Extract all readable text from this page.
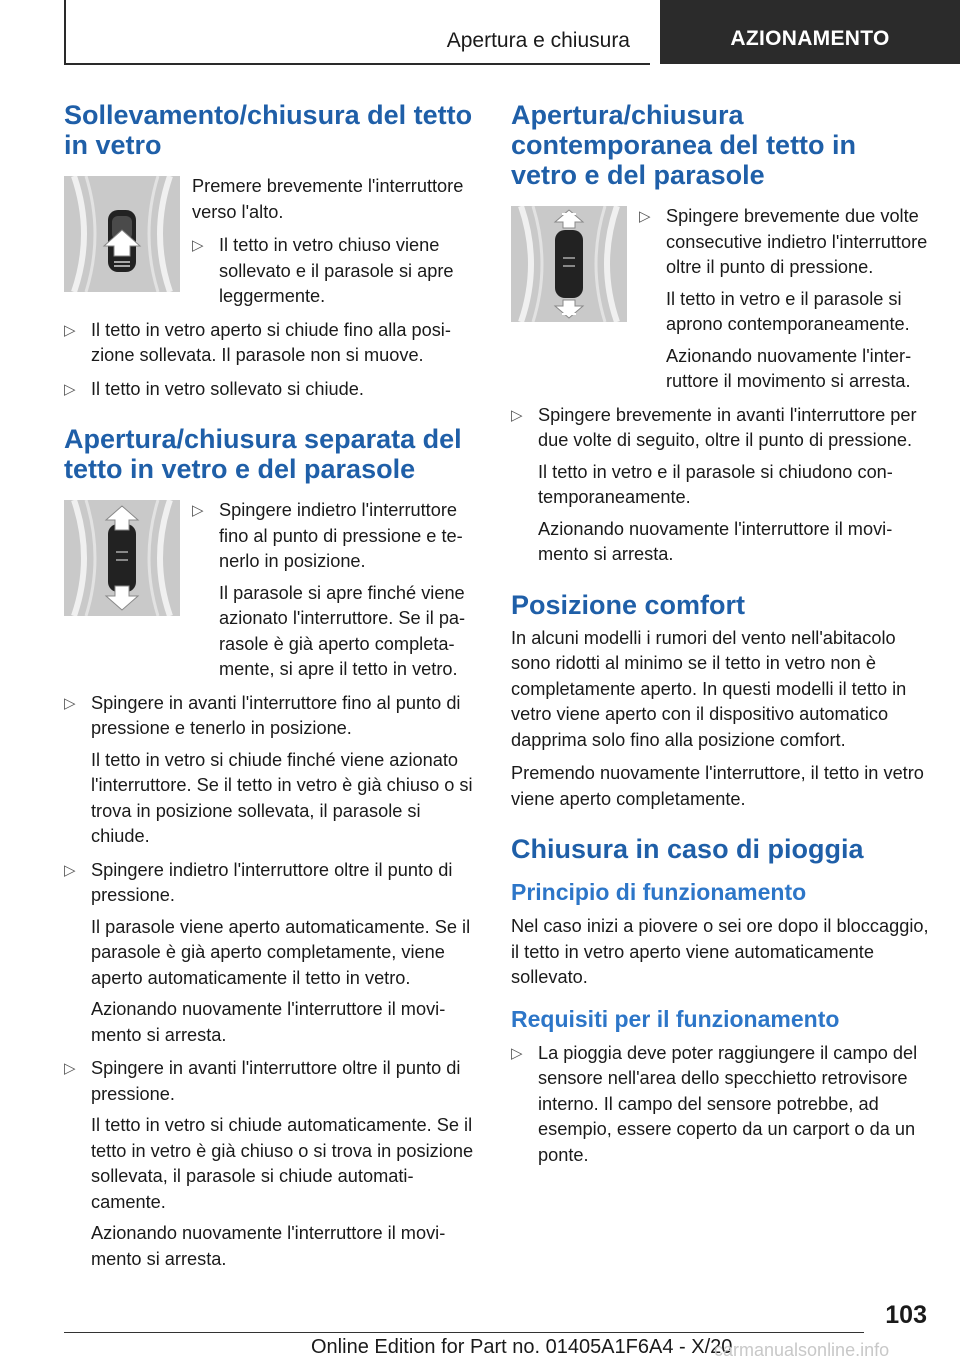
Apertura e chiusura	AZIONAMENTO
Sollevamento/chiusura del tetto in vetro

Premere brevemente l'interruttore verso l'alto.

▷ Il tetto in vetro chiuso viene sollevato e il parasole si apre leggermente.

▷ Il tetto in vetro aperto si chiude fino alla posizione sollevata. Il parasole non si muove.

▷ Il tetto in vetro sollevato si chiude.

Apertura/chiusura separata del tetto in vetro e del parasole
▷ Spingere indietro l'interruttore fino al punto di pressione e tenerlo in posizione.

Il parasole si apre finché viene azionato l'interruttore. Se il parasole è già aperto completamente, si apre il tetto in vetro.

▷ Spingere in avanti l'interruttore fino al punto di pressione e tenerlo in posizione.

Il tetto in vetro si chiude finché viene azionato l'interruttore. Se il tetto in vetro è già chiuso o si trova in posizione sollevata, il parasole si chiude.

▷ Spingere indietro l'interruttore oltre il punto di pressione.

Il parasole viene aperto automaticamente. Se il parasole è già aperto completamente, viene aperto automaticamente il tetto in vetro.

Azionando nuovamente l'interruttore il movimento si arresta.

▷ Spingere in avanti l'interruttore oltre il punto di pressione.

Il tetto in vetro si chiude automaticamente. Se il tetto in vetro è già chiuso o si trova in posizione sollevata, il parasole si chiude automaticamente.

Azionando nuovamente l'interruttore il movimento si arresta.

Apertura/chiusura contemporanea del tetto in vetro e del parasole
▷ Spingere brevemente due volte consecutive indietro l'interruttore oltre il punto di pressione.

Il tetto in vetro e il parasole si aprono contemporaneamente.

Azionando nuovamente l'interruttore il movimento si arresta.

▷ Spingere brevemente in avanti l'interruttore per due volte di seguito, oltre il punto di pressione.

Il tetto in vetro e il parasole si chiudono contemporaneamente.

Azionando nuovamente l'interruttore il movimento si arresta.

Posizione comfort

In alcuni modelli i rumori del vento nell'abitacolo sono ridotti al minimo se il tetto in vetro non è completamente aperto. In questi modelli il tetto in vetro viene aperto con il dispositivo automatico dapprima solo fino alla posizione comfort.

Premendo nuovamente l'interruttore, il tetto in vetro viene aperto completamente.

Chiusura in caso di pioggia
Principio di funzionamento

Nel caso inizi a piovere o sei ore dopo il bloccaggio, il tetto in vetro aperto viene automaticamente sollevato.

Requisiti per il funzionamento
▷ La pioggia deve poter raggiungere il campo del sensore nell'area dello specchietto retrovisore interno. Il campo del sensore potrebbe, ad esempio, essere coperto da un carport o da un ponte.

103
Online Edition for Part no. 01405A1F6A4 - X/20
carmanualsonline.info
